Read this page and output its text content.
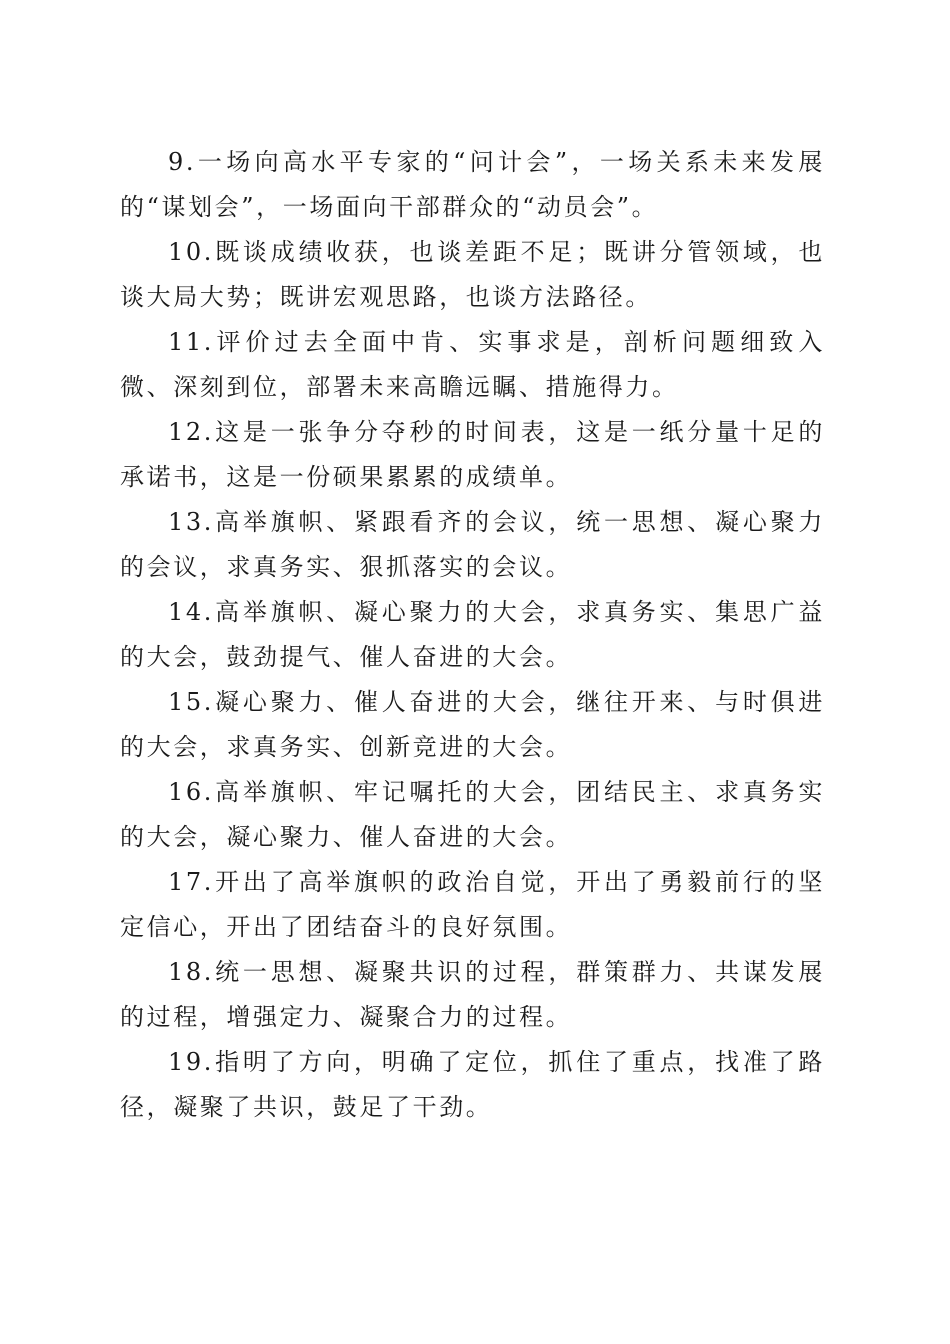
9.一场向高水平专家的“问计会”，一场关系未来发展的“谋划会”，一场面向干部群众的“动员会”。

10.既谈成绩收获，也谈差距不足；既讲分管领域，也谈大局大势；既讲宏观思路，也谈方法路径。

11.评价过去全面中肯、实事求是，剖析问题细致入微、深刻到位，部署未来高瞻远瞩、措施得力。

12.这是一张争分夺秒的时间表，这是一纸分量十足的承诺书，这是一份硕果累累的成绩单。

13.高举旗帜、紧跟看齐的会议，统一思想、凝心聚力的会议，求真务实、狠抓落实的会议。

14.高举旗帜、凝心聚力的大会，求真务实、集思广益的大会，鼓劲提气、催人奋进的大会。

15.凝心聚力、催人奋进的大会，继往开来、与时俱进的大会，求真务实、创新竞进的大会。

16.高举旗帜、牢记嘱托的大会，团结民主、求真务实的大会，凝心聚力、催人奋进的大会。

17.开出了高举旗帜的政治自觉，开出了勇毅前行的坚定信心，开出了团结奋斗的良好氛围。

18.统一思想、凝聚共识的过程，群策群力、共谋发展的过程，增强定力、凝聚合力的过程。

19.指明了方向，明确了定位，抓住了重点，找准了路径，凝聚了共识，鼓足了干劲。
